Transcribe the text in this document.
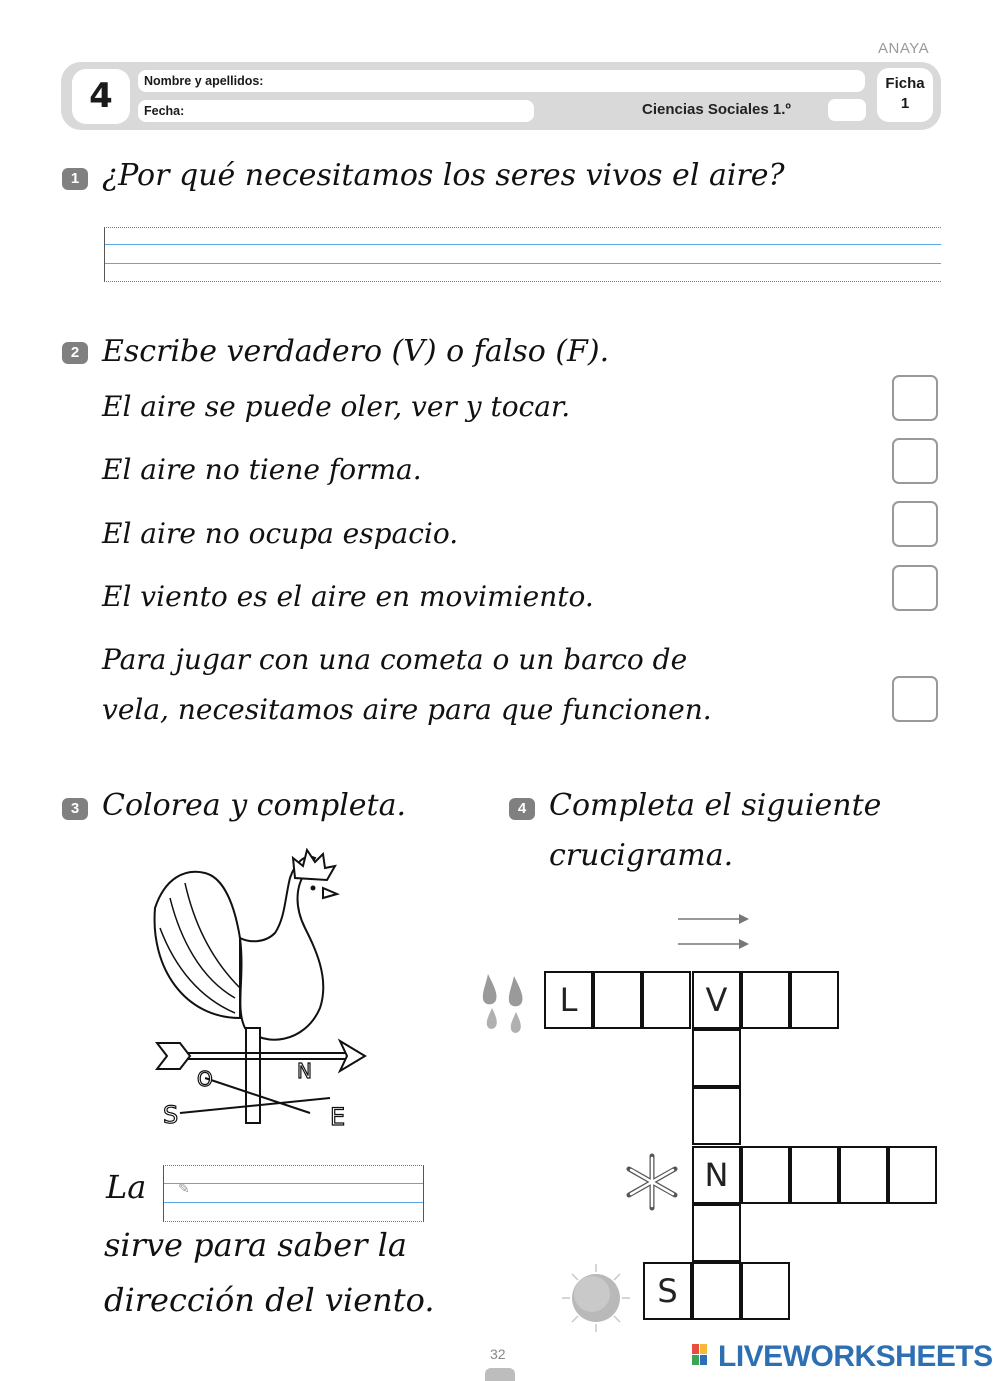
ANAYA
4	Nombre y apellidos:
Fecha:	Ciencias Sociales 1.º
Ficha
1
1 ¿Por qué necesitamos los seres vivos el aire?
2 Escribe verdadero (V) o falso (F).
El aire se puede oler, ver y tocar.
El aire no tiene forma.
El aire no ocupa espacio.
El viento es el aire en movimiento.
Para jugar con una cometa o un barco de
vela, necesitamos aire para que funcionen.
3 Colorea y completa.
O	N
S	E
La ✎
sirve para saber la
dirección del viento.
4 Completa el siguiente
crucigrama.
L	V
N
S
32	LIVEWORKSHEETS
